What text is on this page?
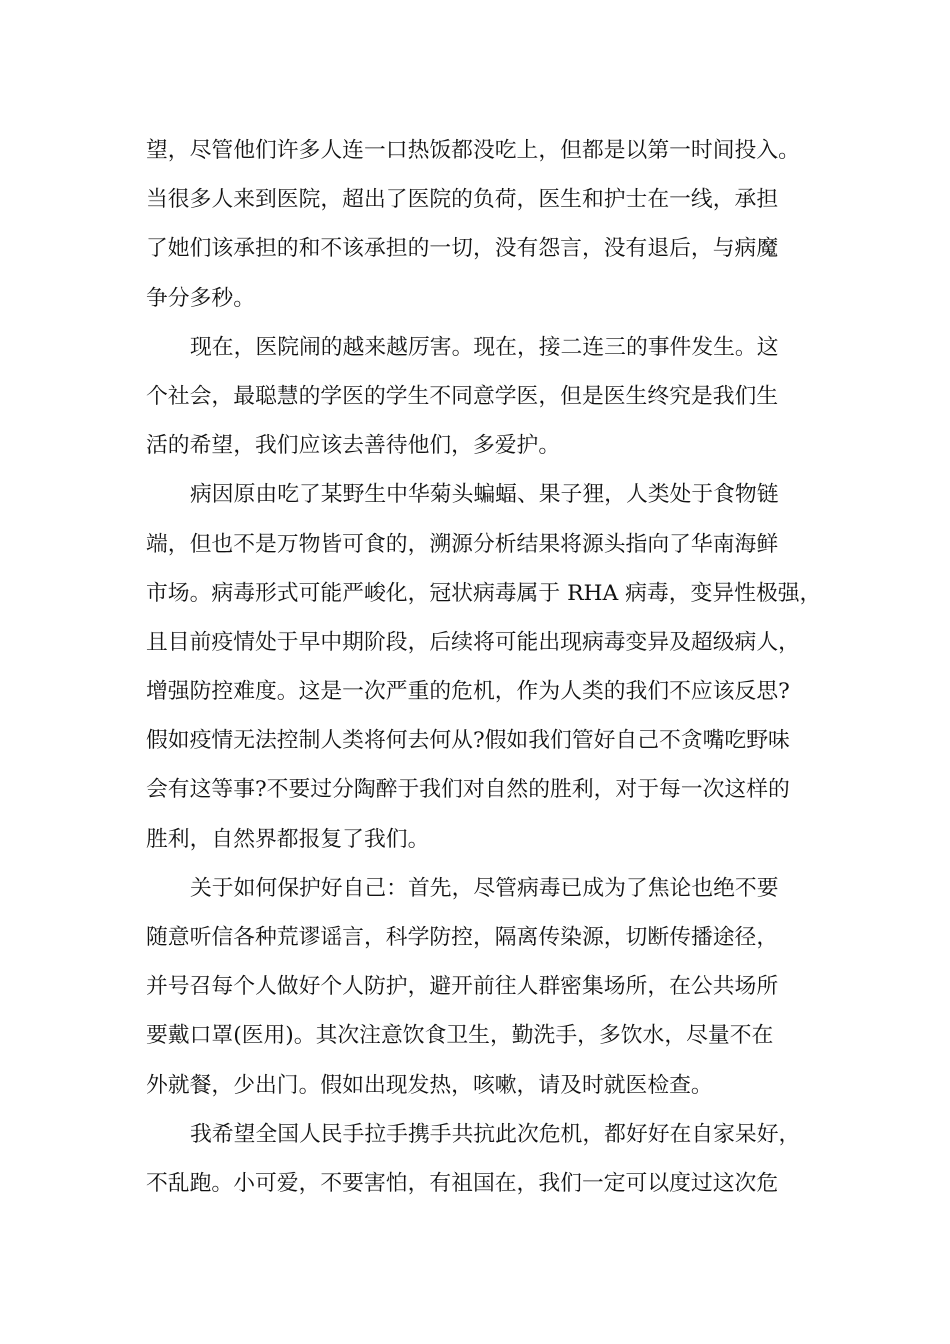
望，尽管他们许多人连一口热饭都没吃上，但都是以第一时间投入。
当很多人来到医院，超出了医院的负荷，医生和护士在一线，承担
了她们该承担的和不该承担的一切，没有怨言，没有退后，与病魔
争分多秒。

现在，医院闹的越来越厉害。现在，接二连三的事件发生。这
个社会，最聪慧的学医的学生不同意学医，但是医生终究是我们生
活的希望，我们应该去善待他们，多爱护。

病因原由吃了某野生中华菊头蝙蝠、果子狸，人类处于食物链
端，但也不是万物皆可食的，溯源分析结果将源头指向了华南海鲜
市场。病毒形式可能严峻化，冠状病毒属于 RHA 病毒，变异性极强，
且目前疫情处于早中期阶段，后续将可能出现病毒变异及超级病人，
增强防控难度。这是一次严重的危机，作为人类的我们不应该反思?
假如疫情无法控制人类将何去何从?假如我们管好自己不贪嘴吃野味
会有这等事?不要过分陶醉于我们对自然的胜利，对于每一次这样的
胜利，自然界都报复了我们。

关于如何保护好自己：首先，尽管病毒已成为了焦论也绝不要
随意听信各种荒谬谣言，科学防控，隔离传染源，切断传播途径，
并号召每个人做好个人防护，避开前往人群密集场所，在公共场所
要戴口罩(医用)。其次注意饮食卫生，勤洗手，多饮水，尽量不在
外就餐，少出门。假如出现发热，咳嗽，请及时就医检查。

我希望全国人民手拉手携手共抗此次危机，都好好在自家呆好，
不乱跑。小可爱，不要害怕，有祖国在，我们一定可以度过这次危
